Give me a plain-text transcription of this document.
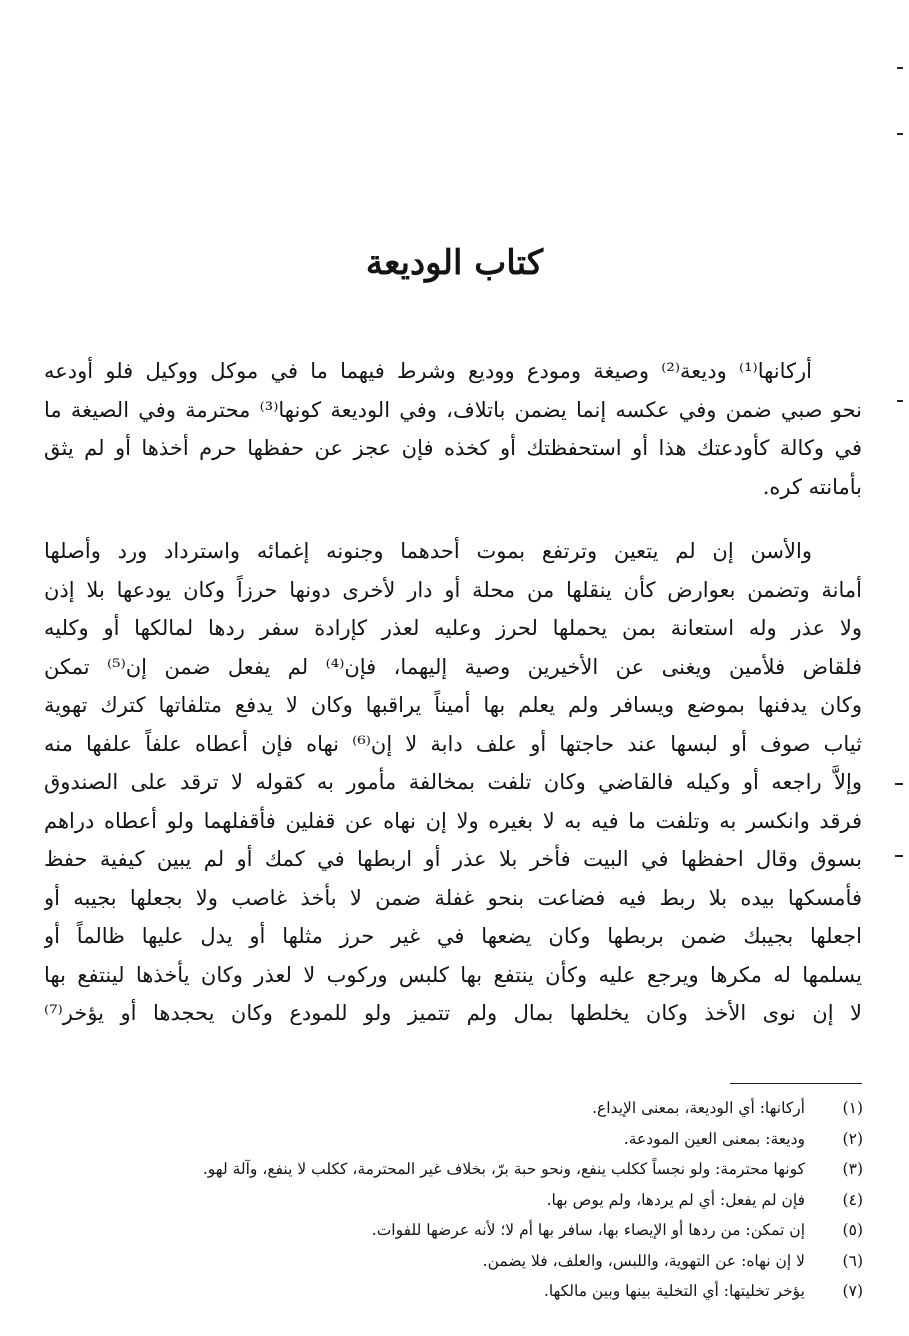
كتاب الوديعة
أركانها⁽¹⁾ وديعة⁽²⁾ وصيغة ومودع ووديع وشرط فيهما ما في موكل ووكيل فلو أودعه
نحو صبي ضمن وفي عكسه إنما يضمن باتلاف، وفي الوديعة كونها⁽³⁾ محترمة وفي الصيغة ما
في وكالة كأودعتك هذا أو استحفظتك أو كخذه فإن عجز عن حفظها حرم أخذها أو لم يثق
بأمانته كره.
والأسن إن لم يتعين وترتفع بموت أحدهما وجنونه إغمائه واسترداد ورد وأصلها
أمانة وتضمن بعوارض كأن ينقلها من محلة أو دار لأخرى دونها حرزاً وكان يودعها بلا إذن
ولا عذر وله استعانة بمن يحملها لحرز وعليه لعذر كإرادة سفر ردها لمالكها أو وكليه
فلقاض فلأمين ويغنى عن الأخيرين وصية إليهما، فإن⁽⁴⁾ لم يفعل ضمن إن⁽⁵⁾ تمكن
وكان يدفنها بموضع ويسافر ولم يعلم بها أميناً يراقبها وكان لا يدفع متلفاتها كترك تهوية
ثياب صوف أو لبسها عند حاجتها أو علف دابة لا إن⁽⁶⁾ نهاه فإن أعطاه علفاً علفها منه
وإلاَّ راجعه أو وكيله فالقاضي وكان تلفت بمخالفة مأمور به كقوله لا ترقد على الصندوق
فرقد وانكسر به وتلفت ما فيه به لا بغيره ولا إن نهاه عن قفلين فأقفلهما ولو أعطاه دراهم
بسوق وقال احفظها في البيت فأخر بلا عذر أو اربطها في كمك أو لم يبين كيفية حفظ
فأمسكها بيده بلا ربط فيه فضاعت بنحو غفلة ضمن لا بأخذ غاصب ولا بجعلها بجيبه أو
اجعلها بجيبك ضمن بربطها وكان يضعها في غير حرز مثلها أو يدل عليها ظالماً أو
يسلمها له مكرها ويرجع عليه وكأن ينتفع بها كلبس وركوب لا لعذر وكان يأخذها لينتفع بها
لا إن نوى الأخذ وكان يخلطها بمال ولم تتميز ولو للمودع وكان يحجدها أو يؤخر⁽⁷⁾
(١)
أركانها: أي الوديعة، بمعنى الإيداع.
(٢)
وديعة: بمعنى العين المودعة.
(٣)
كونها محترمة: ولو نجساً ككلب ينفع، ونحو حبة برّ، بخلاف غير المحترمة، ككلب لا ينفع، وآلة لهو.
(٤)
فإن لم يفعل: أي لم يردها، ولم يوص بها.
(٥)
إن تمكن: من ردها أو الإيصاء بها، سافر بها أم لا؛ لأنه عرضها للفوات.
(٦)
لا إن نهاه: عن التهوية، واللبس، والعلف، فلا يضمن.
(٧)
يؤخر تخليتها: أي التخلية بينها وبين مالكها.
